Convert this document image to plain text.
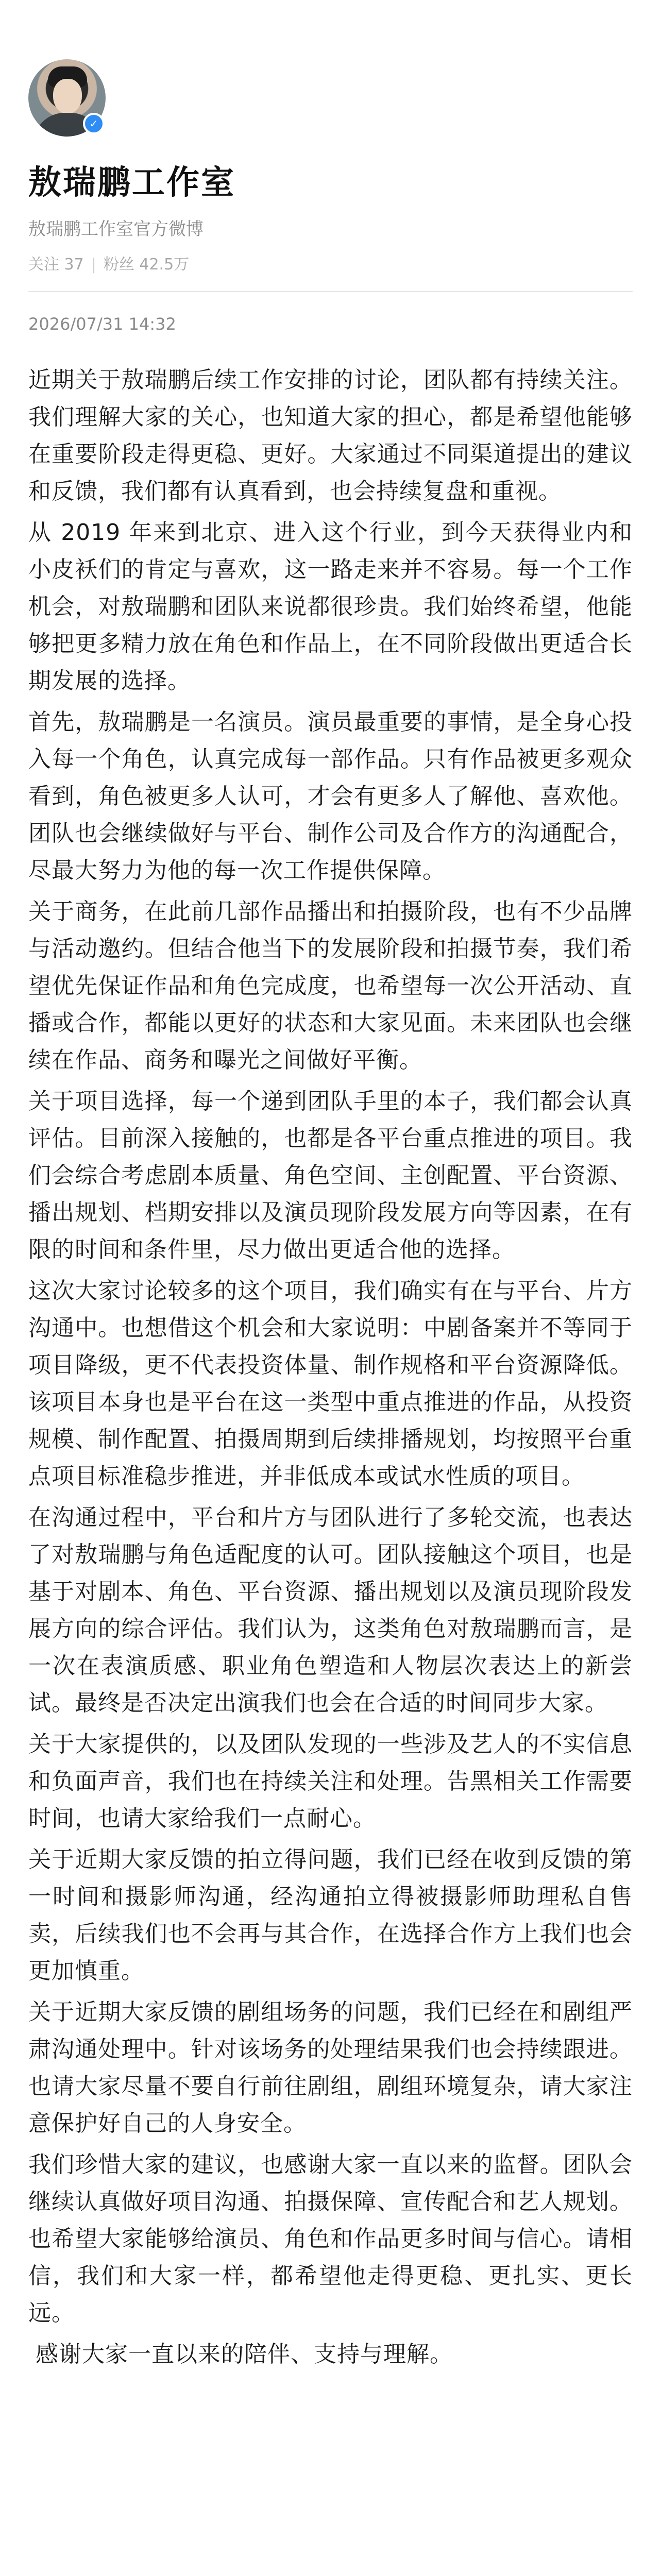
✓
敖瑞鹏工作室
敖瑞鹏工作室官方微博
关注 37 | 粉丝 42.5万
2026/07/31 14:32

近期关于敖瑞鹏后续工作安排的讨论，团队都有持续关注。我们理解大家的关心，也知道大家的担心，都是希望他能够在重要阶段走得更稳、更好。大家通过不同渠道提出的建议和反馈，我们都有认真看到，也会持续复盘和重视。

从 2019 年来到北京、进入这个行业，到今天获得业内和小皮袄们的肯定与喜欢，这一路走来并不容易。每一个工作机会，对敖瑞鹏和团队来说都很珍贵。我们始终希望，他能够把更多精力放在角色和作品上，在不同阶段做出更适合长期发展的选择。

首先，敖瑞鹏是一名演员。演员最重要的事情，是全身心投入每一个角色，认真完成每一部作品。只有作品被更多观众看到，角色被更多人认可，才会有更多人了解他、喜欢他。团队也会继续做好与平台、制作公司及合作方的沟通配合，尽最大努力为他的每一次工作提供保障。

关于商务，在此前几部作品播出和拍摄阶段，也有不少品牌与活动邀约。但结合他当下的发展阶段和拍摄节奏，我们希望优先保证作品和角色完成度，也希望每一次公开活动、直播或合作，都能以更好的状态和大家见面。未来团队也会继续在作品、商务和曝光之间做好平衡。

关于项目选择，每一个递到团队手里的本子，我们都会认真评估。目前深入接触的，也都是各平台重点推进的项目。我们会综合考虑剧本质量、角色空间、主创配置、平台资源、播出规划、档期安排以及演员现阶段发展方向等因素，在有限的时间和条件里，尽力做出更适合他的选择。

这次大家讨论较多的这个项目，我们确实有在与平台、片方沟通中。也想借这个机会和大家说明：中剧备案并不等同于项目降级，更不代表投资体量、制作规格和平台资源降低。该项目本身也是平台在这一类型中重点推进的作品，从投资规模、制作配置、拍摄周期到后续排播规划，均按照平台重点项目标准稳步推进，并非低成本或试水性质的项目。

在沟通过程中，平台和片方与团队进行了多轮交流，也表达了对敖瑞鹏与角色适配度的认可。团队接触这个项目，也是基于对剧本、角色、平台资源、播出规划以及演员现阶段发展方向的综合评估。我们认为，这类角色对敖瑞鹏而言，是一次在表演质感、职业角色塑造和人物层次表达上的新尝试。最终是否决定出演我们也会在合适的时间同步大家。

关于大家提供的，以及团队发现的一些涉及艺人的不实信息和负面声音，我们也在持续关注和处理。告黑相关工作需要时间，也请大家给我们一点耐心。

关于近期大家反馈的拍立得问题，我们已经在收到反馈的第一时间和摄影师沟通，经沟通拍立得被摄影师助理私自售卖，后续我们也不会再与其合作，在选择合作方上我们也会更加慎重。

关于近期大家反馈的剧组场务的问题，我们已经在和剧组严肃沟通处理中。针对该场务的处理结果我们也会持续跟进。也请大家尽量不要自行前往剧组，剧组环境复杂，请大家注意保护好自己的人身安全。

我们珍惜大家的建议，也感谢大家一直以来的监督。团队会继续认真做好项目沟通、拍摄保障、宣传配合和艺人规划。也希望大家能够给演员、角色和作品更多时间与信心。请相信，我们和大家一样，都希望他走得更稳、更扎实、更长远。

感谢大家一直以来的陪伴、支持与理解。
